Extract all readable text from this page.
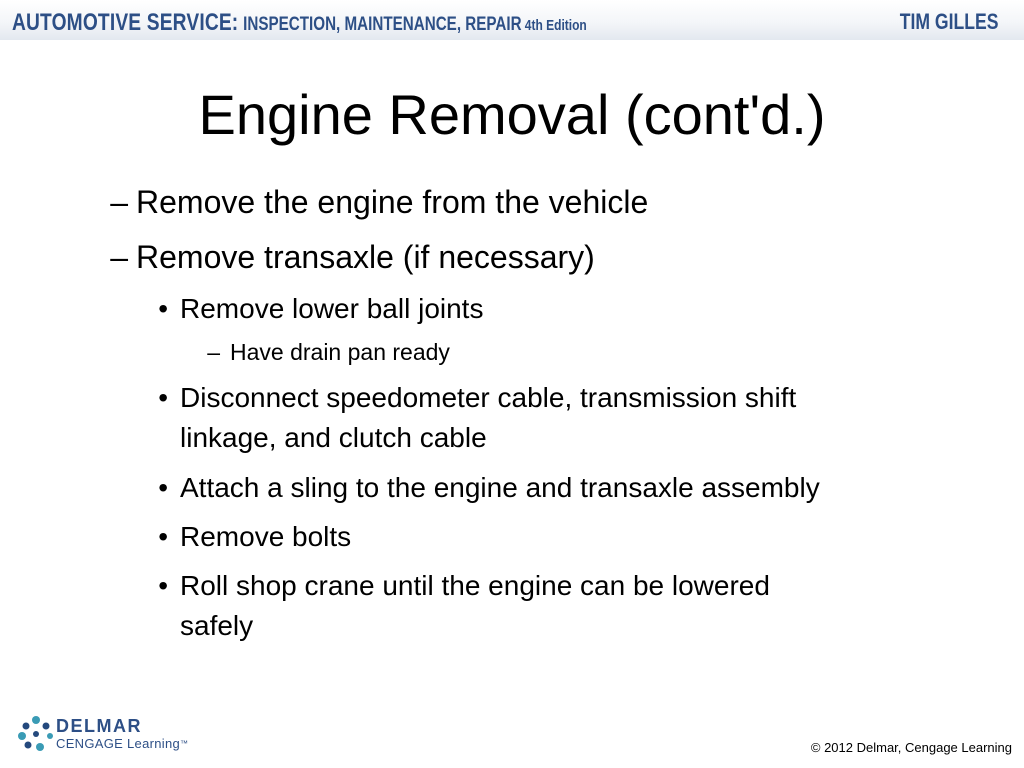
AUTOMOTIVE SERVICE: INSPECTION, MAINTENANCE, REPAIR 4th Edition	TIM GILLES
Engine Removal (cont'd.)
– Remove the engine from the vehicle
– Remove transaxle (if necessary)
• Remove lower ball joints
– Have drain pan ready
• Disconnect speedometer cable, transmission shift
linkage, and clutch cable
• Attach a sling to the engine and transaxle assembly
• Remove bolts
• Roll shop crane until the engine can be lowered
safely
DELMAR
CENGAGE Learning™	© 2012 Delmar, Cengage Learning
